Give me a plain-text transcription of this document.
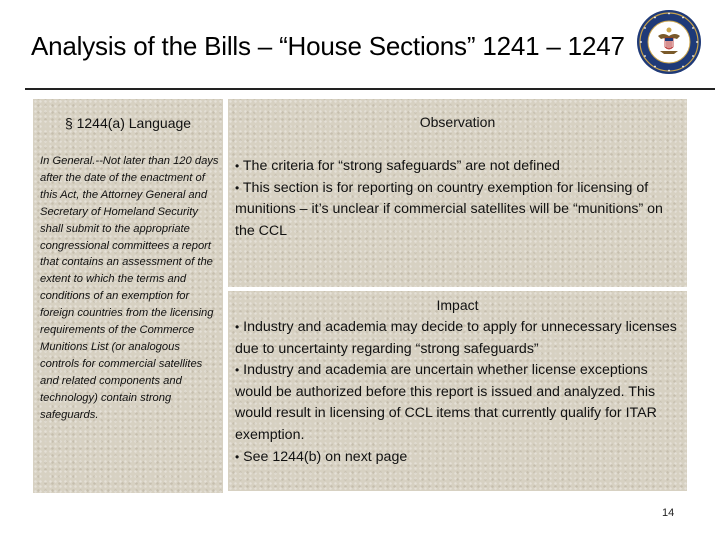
Analysis of the Bills – “House Sections” 1241 – 1247
§ 1244(a) Language

In General.--Not later than 120 days after the date of the enactment of this Act, the Attorney General and Secretary of Homeland Security shall submit to the appropriate congressional committees a report that contains an assessment of the extent to which the terms and conditions of an exemption for foreign countries from the licensing requirements of the Commerce Munitions List (or analogous controls for commercial satellites and related components and technology) contain strong safeguards.

Observation
• The criteria for “strong safeguards” are not defined
• This section is for reporting on country exemption for licensing of munitions – it’s unclear if commercial satellites will be “munitions” on the CCL
Impact
• Industry and academia may decide to apply for unnecessary licenses due to uncertainty regarding “strong safeguards”
• Industry and academia are uncertain whether license exceptions would be authorized before this report is issued and analyzed. This would result in licensing of CCL items that currently qualify for ITAR exemption.
• See 1244(b) on next page
14
